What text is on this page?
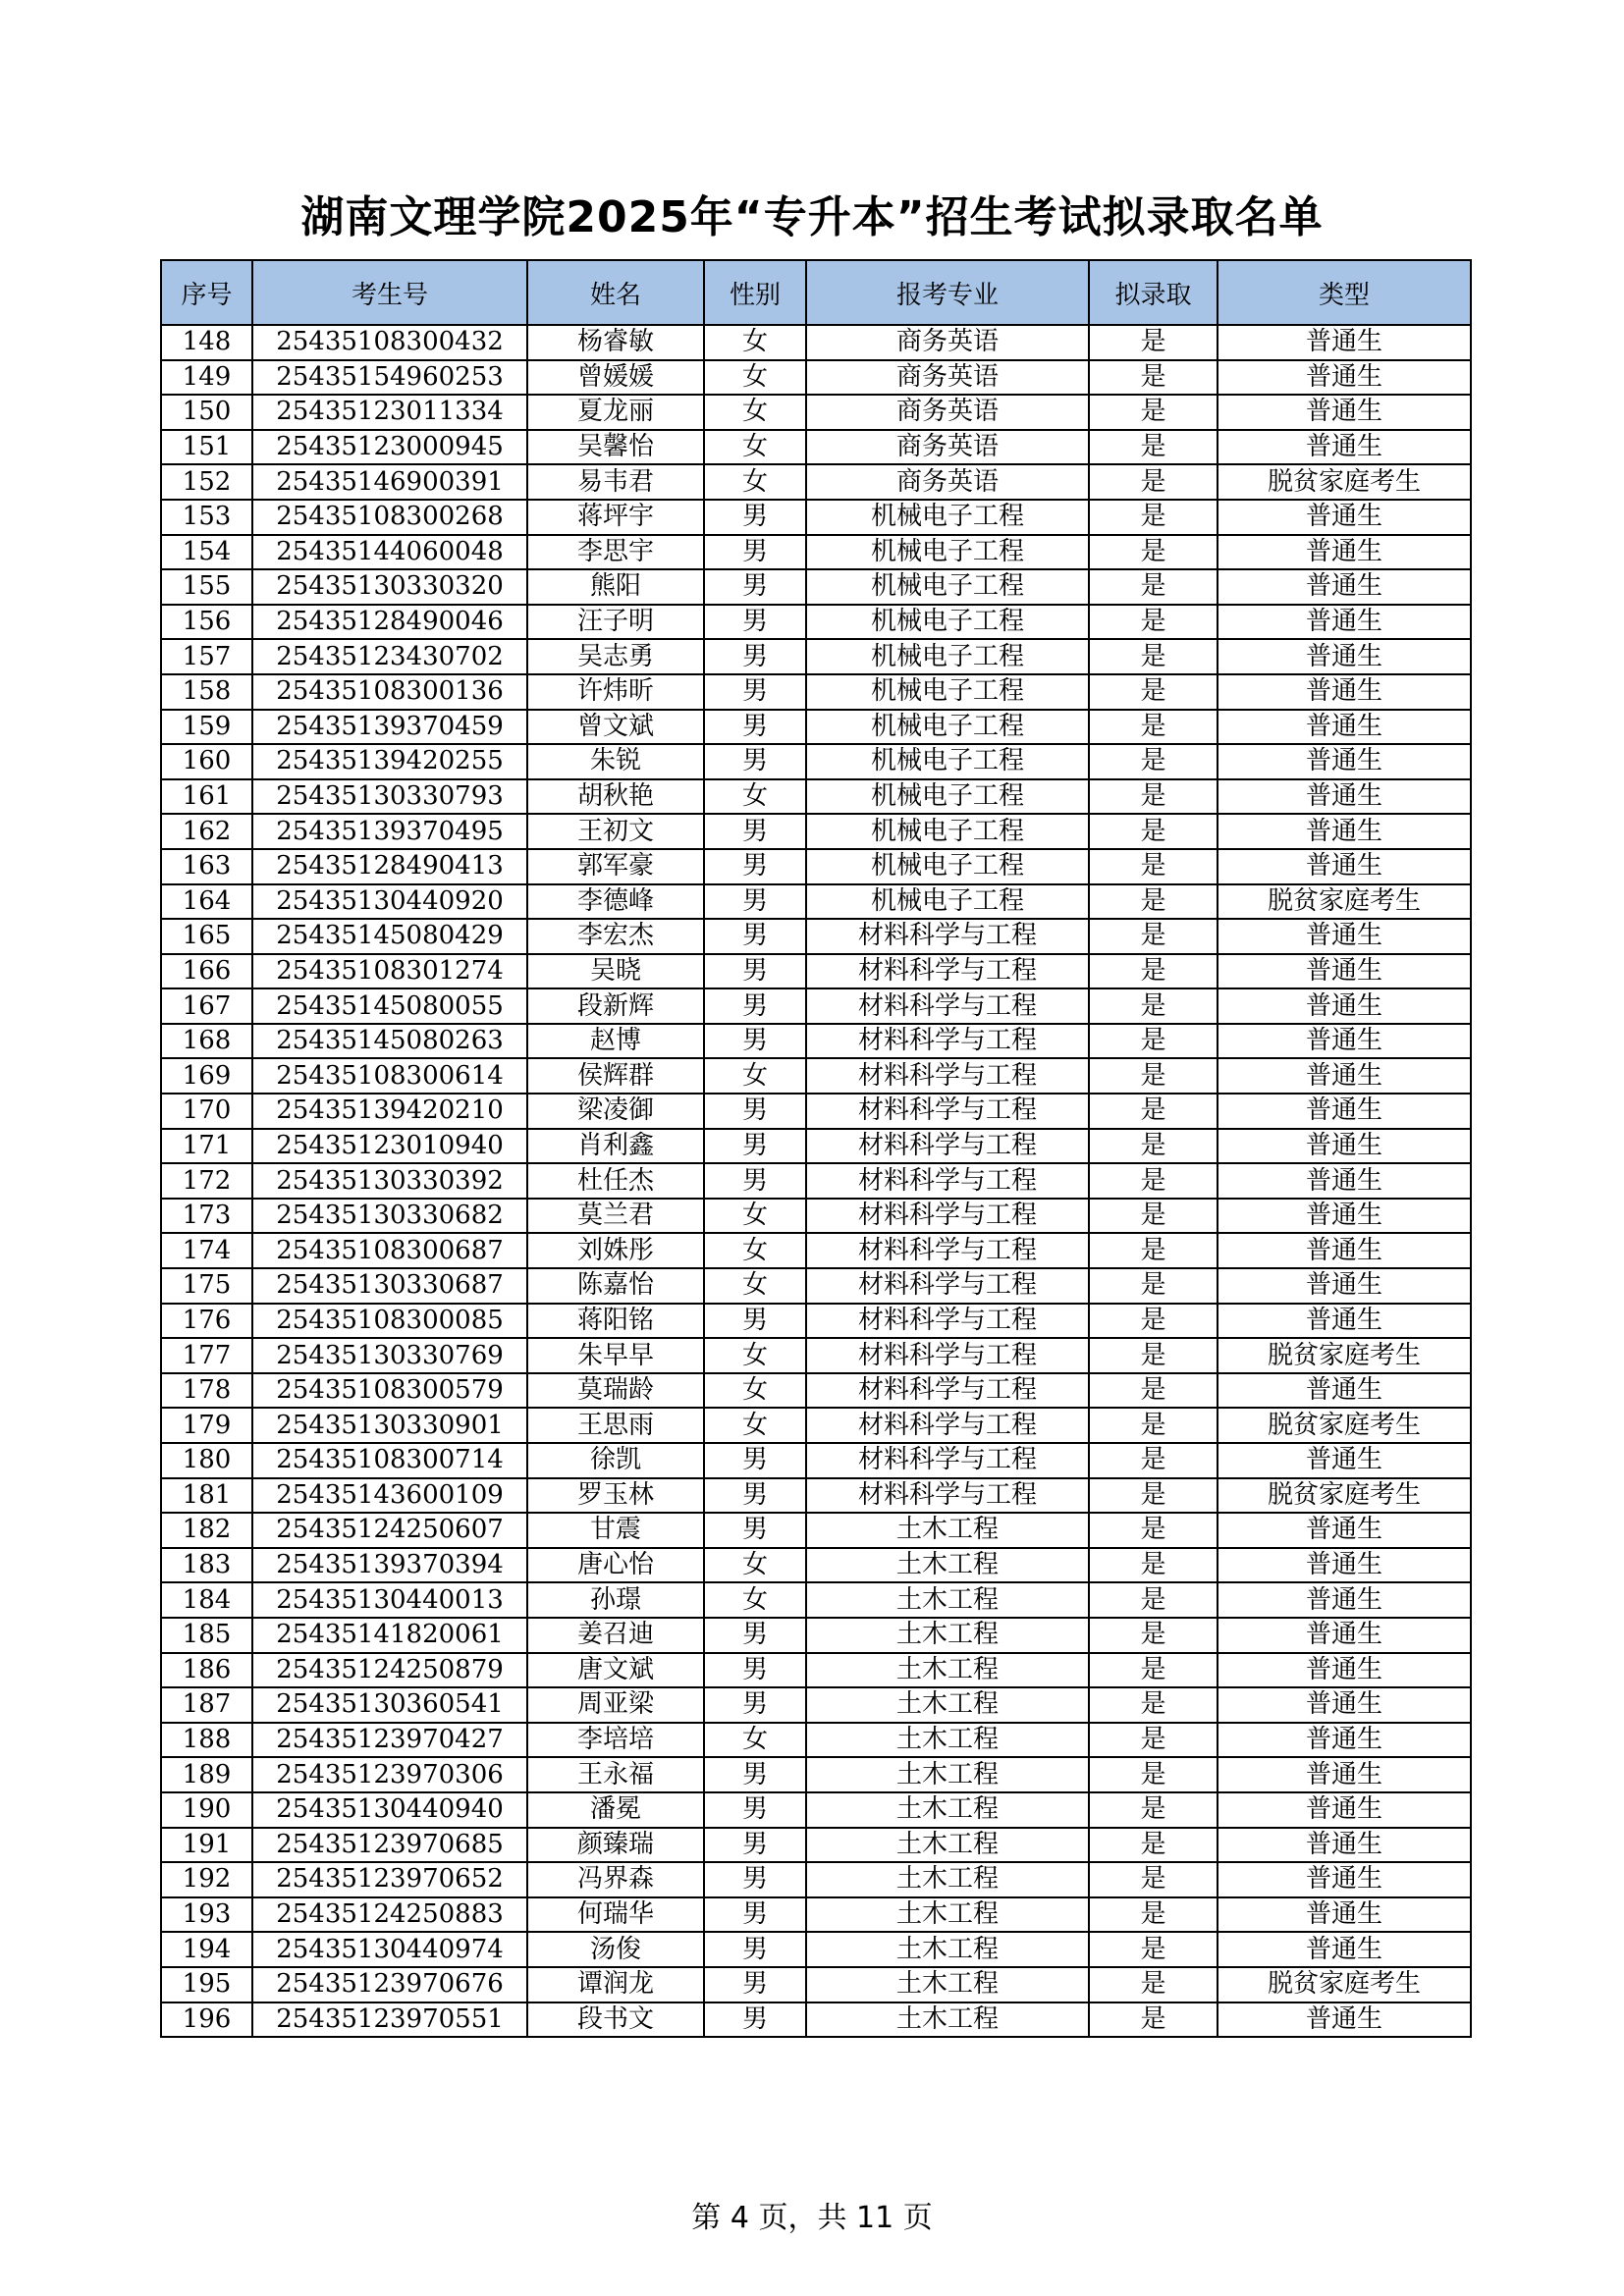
湖南文理学院2025年“专升本”招生考试拟录取名单
序号	考生号	姓名	性别	报考专业	拟录取	类型
148	25435108300432	杨睿敏	女	商务英语	是	普通生
149	25435154960253	曾媛媛	女	商务英语	是	普通生
150	25435123011334	夏龙丽	女	商务英语	是	普通生
151	25435123000945	吴馨怡	女	商务英语	是	普通生
152	25435146900391	易韦君	女	商务英语	是	脱贫家庭考生
153	25435108300268	蒋坪宇	男	机械电子工程	是	普通生
154	25435144060048	李思宇	男	机械电子工程	是	普通生
155	25435130330320	熊阳	男	机械电子工程	是	普通生
156	25435128490046	汪子明	男	机械电子工程	是	普通生
157	25435123430702	吴志勇	男	机械电子工程	是	普通生
158	25435108300136	许炜昕	男	机械电子工程	是	普通生
159	25435139370459	曾文斌	男	机械电子工程	是	普通生
160	25435139420255	朱锐	男	机械电子工程	是	普通生
161	25435130330793	胡秋艳	女	机械电子工程	是	普通生
162	25435139370495	王初文	男	机械电子工程	是	普通生
163	25435128490413	郭军豪	男	机械电子工程	是	普通生
164	25435130440920	李德峰	男	机械电子工程	是	脱贫家庭考生
165	25435145080429	李宏杰	男	材料科学与工程	是	普通生
166	25435108301274	吴晓	男	材料科学与工程	是	普通生
167	25435145080055	段新辉	男	材料科学与工程	是	普通生
168	25435145080263	赵博	男	材料科学与工程	是	普通生
169	25435108300614	侯辉群	女	材料科学与工程	是	普通生
170	25435139420210	梁凌御	男	材料科学与工程	是	普通生
171	25435123010940	肖利鑫	男	材料科学与工程	是	普通生
172	25435130330392	杜任杰	男	材料科学与工程	是	普通生
173	25435130330682	莫兰君	女	材料科学与工程	是	普通生
174	25435108300687	刘姝彤	女	材料科学与工程	是	普通生
175	25435130330687	陈嘉怡	女	材料科学与工程	是	普通生
176	25435108300085	蒋阳铭	男	材料科学与工程	是	普通生
177	25435130330769	朱早早	女	材料科学与工程	是	脱贫家庭考生
178	25435108300579	莫瑞龄	女	材料科学与工程	是	普通生
179	25435130330901	王思雨	女	材料科学与工程	是	脱贫家庭考生
180	25435108300714	徐凯	男	材料科学与工程	是	普通生
181	25435143600109	罗玉林	男	材料科学与工程	是	脱贫家庭考生
182	25435124250607	甘震	男	土木工程	是	普通生
183	25435139370394	唐心怡	女	土木工程	是	普通生
184	25435130440013	孙璟	女	土木工程	是	普通生
185	25435141820061	姜召迪	男	土木工程	是	普通生
186	25435124250879	唐文斌	男	土木工程	是	普通生
187	25435130360541	周亚梁	男	土木工程	是	普通生
188	25435123970427	李培培	女	土木工程	是	普通生
189	25435123970306	王永福	男	土木工程	是	普通生
190	25435130440940	潘冕	男	土木工程	是	普通生
191	25435123970685	颜臻瑞	男	土木工程	是	普通生
192	25435123970652	冯界森	男	土木工程	是	普通生
193	25435124250883	何瑞华	男	土木工程	是	普通生
194	25435130440974	汤俊	男	土木工程	是	普通生
195	25435123970676	谭润龙	男	土木工程	是	脱贫家庭考生
196	25435123970551	段书文	男	土木工程	是	普通生
第 4 页，共 11 页
